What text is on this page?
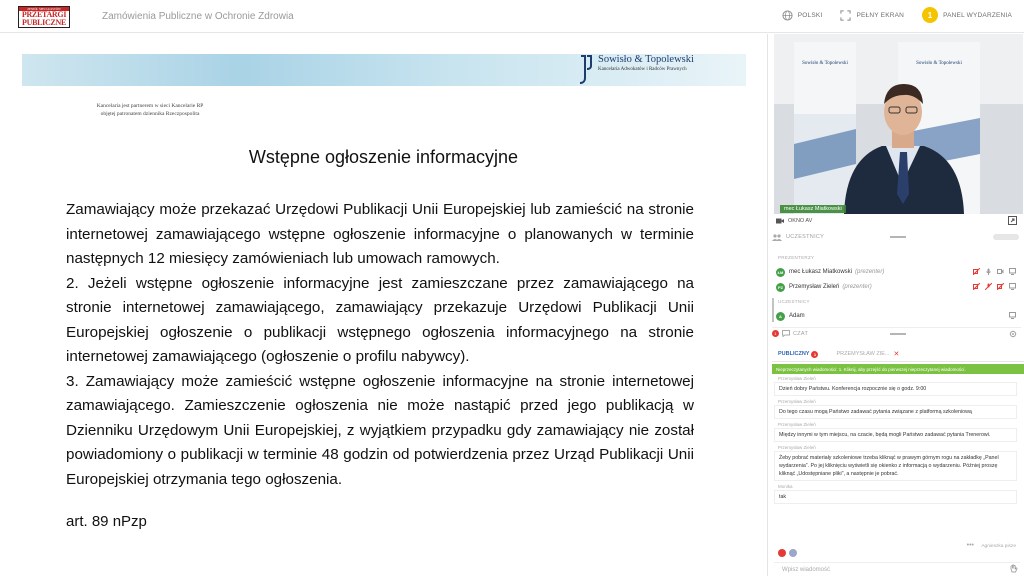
ZESPÓŁ SPECJALISTÓW
PRZETARGI
PUBLICZNE
Zamówienia Publiczne w Ochronie Zdrowia	POLSKI	PEŁNY EKRAN	1	PANEL WYDARZENIA
Sowisło & Topolewski
Kancelaria Adwokatów i Radców Prawnych
Kancelaria jest partnerem w sieci Kancelarie RP objętej patronatem dziennika Rzeczpospolita
Wstępne ogłoszenie informacyjne

Zamawiający może przekazać Urzędowi Publikacji Unii Europejskiej lub zamieścić na stronie internetowej zamawiającego wstępne ogłoszenie informacyjne o planowanych w terminie następnych 12 miesięcy zamówieniach lub umowach ramowych.

2. Jeżeli wstępne ogłoszenie informacyjne jest zamieszczane przez zamawiającego na stronie internetowej zamawiającego, zamawiający przekazuje Urzędowi Publikacji Unii Europejskiej ogłoszenie o publikacji wstępnego ogłoszenia informacyjnego na stronie internetowej zamawiającego (ogłoszenie o profilu nabywcy).

3. Zamawiający może zamieścić wstępne ogłoszenie informacyjne na stronie internetowej zamawiającego. Zamieszczenie ogłoszenia nie może nastąpić przed jego publikacją w Dzienniku Urzędowym Unii Europejskiej, z wyjątkiem przypadku gdy zamawiający nie został powiadomiony o publikacji w terminie 48 godzin od potwierdzenia przez Urząd Publikacji Unii Europejskiej otrzymania tego ogłoszenia.

art. 89 nPzp
Sowisło & Topolewski	Sowisło & Topolewski
mec Łukasz Miatkowski
OKNO AV
UCZESTNICY
PREZENTERZY
ŁM mec Łukasz Miatkowski (prezenter)
PZ Przemysław Zieleń (prezenter)
UCZESTNICY
A	Adam
1	CZAT
PUBLICZNY	1	PRZEMYSŁAW ZIE... ✕
Nieprzeczytanych wiadomości: 1. Kliknij, aby przejść do pierwszej nieprzeczytanej wiadomości.
Przemysław Zieleń
Dzień dobry Państwu. Konferencja rozpocznie się o godz. 9:00
Przemysław Zieleń
Do tego czasu mogą Państwo zadawać pytania związane z platformą szkoleniową
Przemysław Zieleń
Między innymi w tym miejscu, na czacie, będą mogli Państwo zadawać pytania Trenerowi.
Przemysław Zieleń
Żeby pobrać materiały szkoleniowe trzeba kliknąć w prawym górnym rogu na zakładkę „Panel wydarzenia”. Po jej kliknięciu wyświetli się okienko z informacją o wydarzeniu. Później proszę kliknąć „Udostępniane pliki”, a następnie je pobrać.
Monika
tak
••• Agnieszka pisze
Wpisz wiadomość
